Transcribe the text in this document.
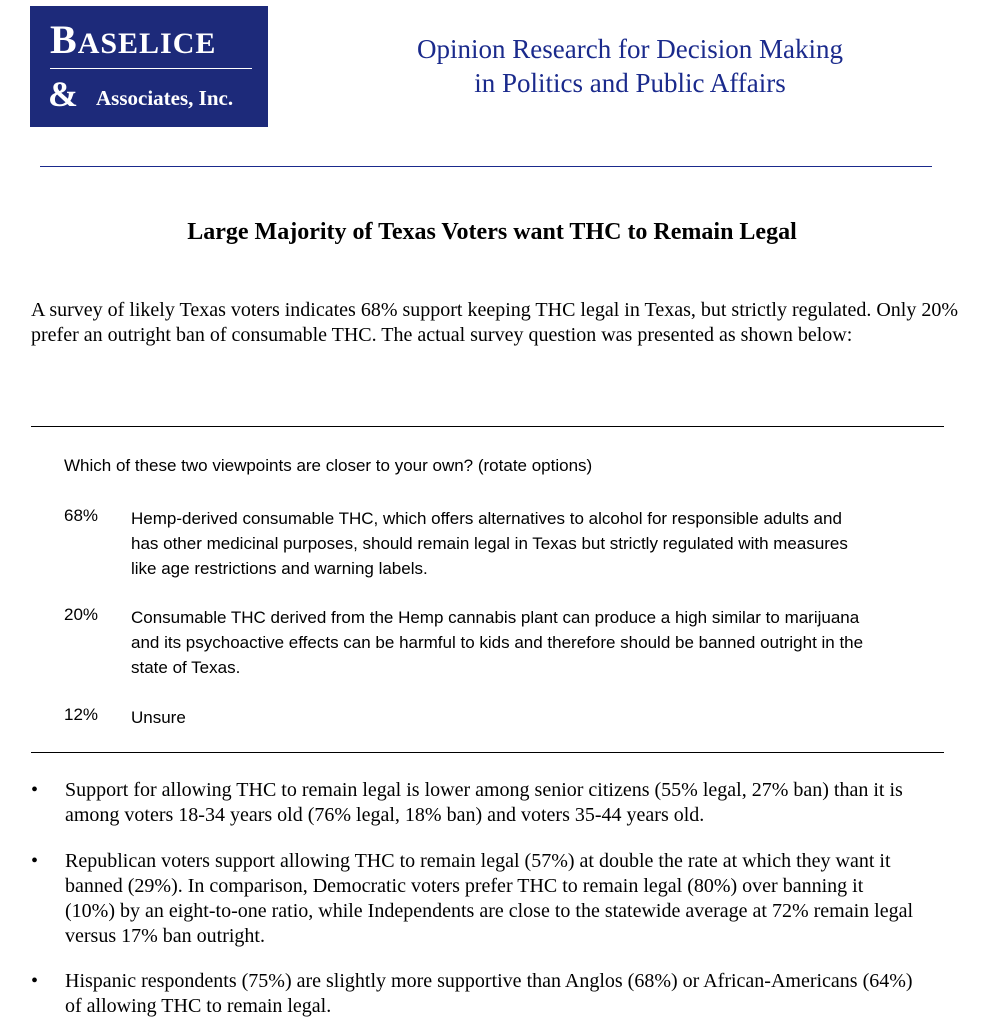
BASELICE
& Associates, Inc.
Opinion Research for Decision Making
in Politics and Public Affairs
Large Majority of Texas Voters want THC to Remain Legal
A survey of likely Texas voters indicates 68% support keeping THC legal in Texas, but strictly regulated. Only 20% prefer an outright ban of consumable THC. The actual survey question was presented as shown below:
Which of these two viewpoints are closer to your own? (rotate options)
68%	Hemp-derived consumable THC, which offers alternatives to alcohol for responsible adults and has other medicinal purposes, should remain legal in Texas but strictly regulated with measures like age restrictions and warning labels.
20%	Consumable THC derived from the Hemp cannabis plant can produce a high similar to marijuana and its psychoactive effects can be harmful to kids and therefore should be banned outright in the state of Texas.
12%	Unsure
• Support for allowing THC to remain legal is lower among senior citizens (55% legal, 27% ban) than it is among voters 18-34 years old (76% legal, 18% ban) and voters 35-44 years old.
• Republican voters support allowing THC to remain legal (57%) at double the rate at which they want it banned (29%). In comparison, Democratic voters prefer THC to remain legal (80%) over banning it (10%) by an eight-to-one ratio, while Independents are close to the statewide average at 72% remain legal versus 17% ban outright.
• Hispanic respondents (75%) are slightly more supportive than Anglos (68%) or African-Americans (64%) of allowing THC to remain legal.
